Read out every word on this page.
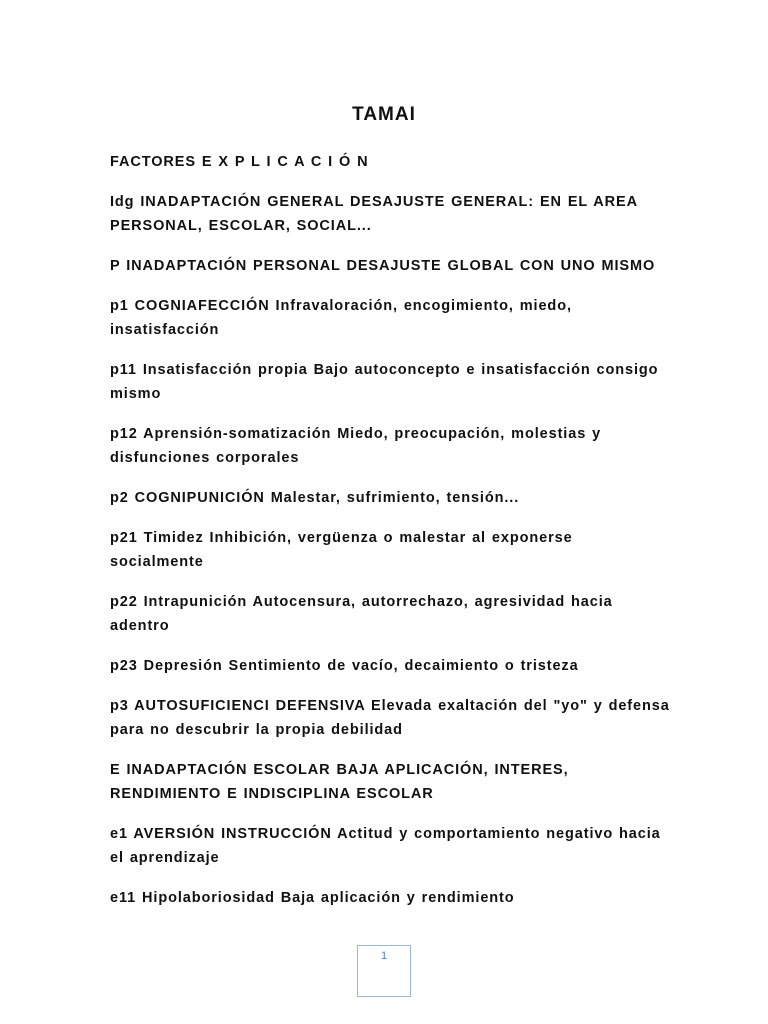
TAMAI

FACTORES E X P L I C A C I Ó N

Idg INADAPTACIÓN GENERAL DESAJUSTE GENERAL: EN EL AREA PERSONAL, ESCOLAR, SOCIAL...

P INADAPTACIÓN PERSONAL DESAJUSTE GLOBAL CON UNO MISMO

p1 COGNIAFECCIÓN Infravaloración, encogimiento, miedo, insatisfacción

p11 Insatisfacción propia Bajo autoconcepto e insatisfacción consigo mismo

p12 Aprensión-somatización Miedo, preocupación, molestias y disfunciones corporales

p2 COGNIPUNICIÓN Malestar, sufrimiento, tensión...

p21 Timidez Inhibición, vergüenza o malestar al exponerse socialmente

p22 Intrapunición Autocensura, autorrechazo, agresividad hacia adentro

p23 Depresión Sentimiento de vacío, decaimiento o tristeza

p3 AUTOSUFICIENCI DEFENSIVA Elevada exaltación del "yo" y defensa para no descubrir la propia debilidad

E INADAPTACIÓN ESCOLAR BAJA APLICACIÓN, INTERES, RENDIMIENTO E INDISCIPLINA ESCOLAR

e1 AVERSIÓN INSTRUCCIÓN Actitud y comportamiento negativo hacia el aprendizaje

e11 Hipolaboriosidad Baja aplicación y rendimiento

1
